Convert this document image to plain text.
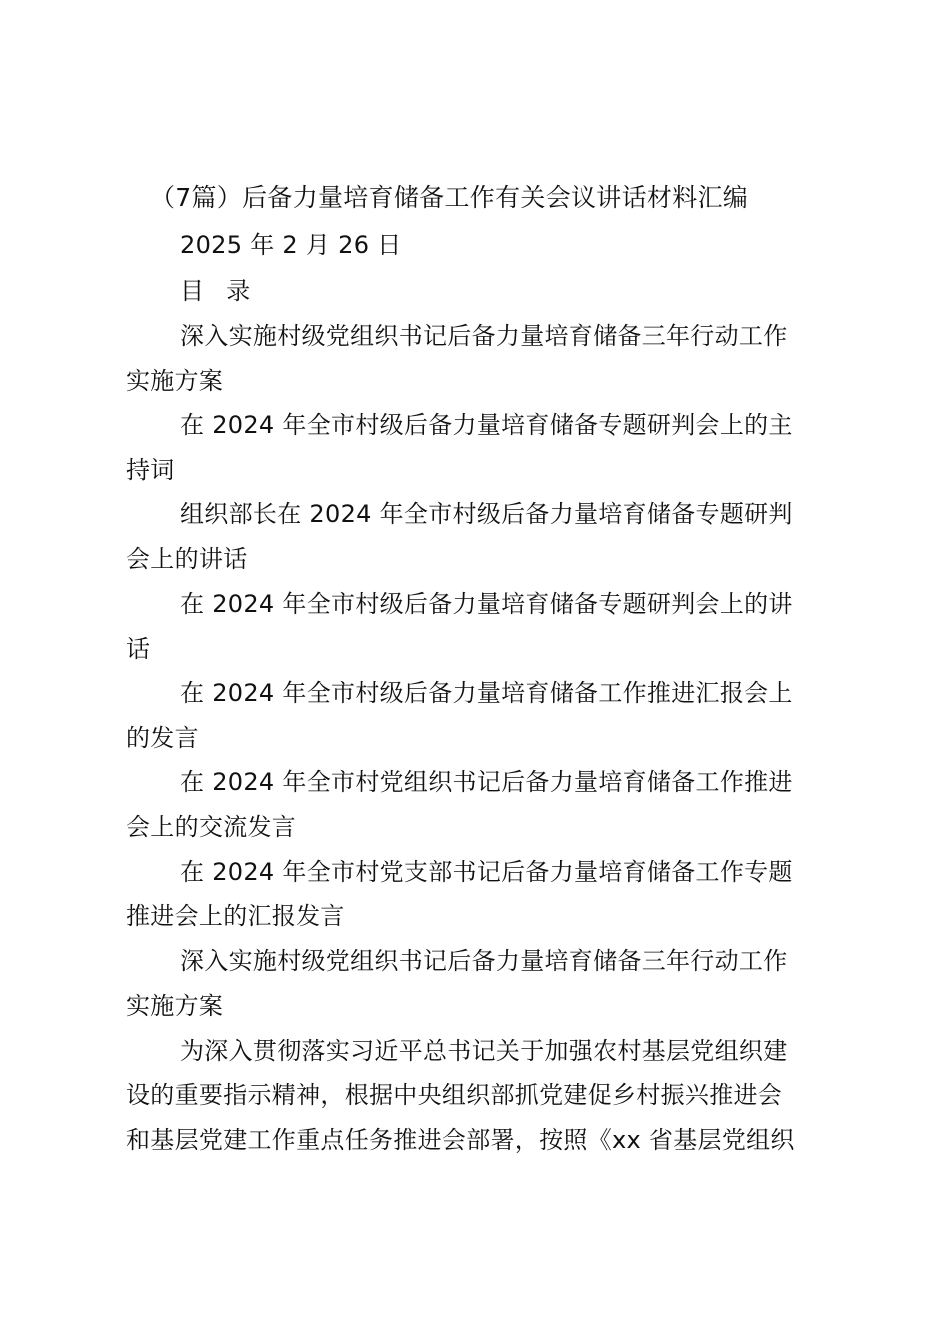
（7篇）后备力量培育储备工作有关会议讲话材料汇编

2025 年 2 月 26 日

目 录

深入实施村级党组织书记后备力量培育储备三年行动工作

实施方案

在 2024 年全市村级后备力量培育储备专题研判会上的主

持词

组织部长在 2024 年全市村级后备力量培育储备专题研判

会上的讲话

在 2024 年全市村级后备力量培育储备专题研判会上的讲

话

在 2024 年全市村级后备力量培育储备工作推进汇报会上

的发言

在 2024 年全市村党组织书记后备力量培育储备工作推进

会上的交流发言

在 2024 年全市村党支部书记后备力量培育储备工作专题

推进会上的汇报发言

深入实施村级党组织书记后备力量培育储备三年行动工作

实施方案

为深入贯彻落实习近平总书记关于加强农村基层党组织建

设的重要指示精神，根据中央组织部抓党建促乡村振兴推进会

和基层党建工作重点任务推进会部署，按照《xx 省基层党组织
